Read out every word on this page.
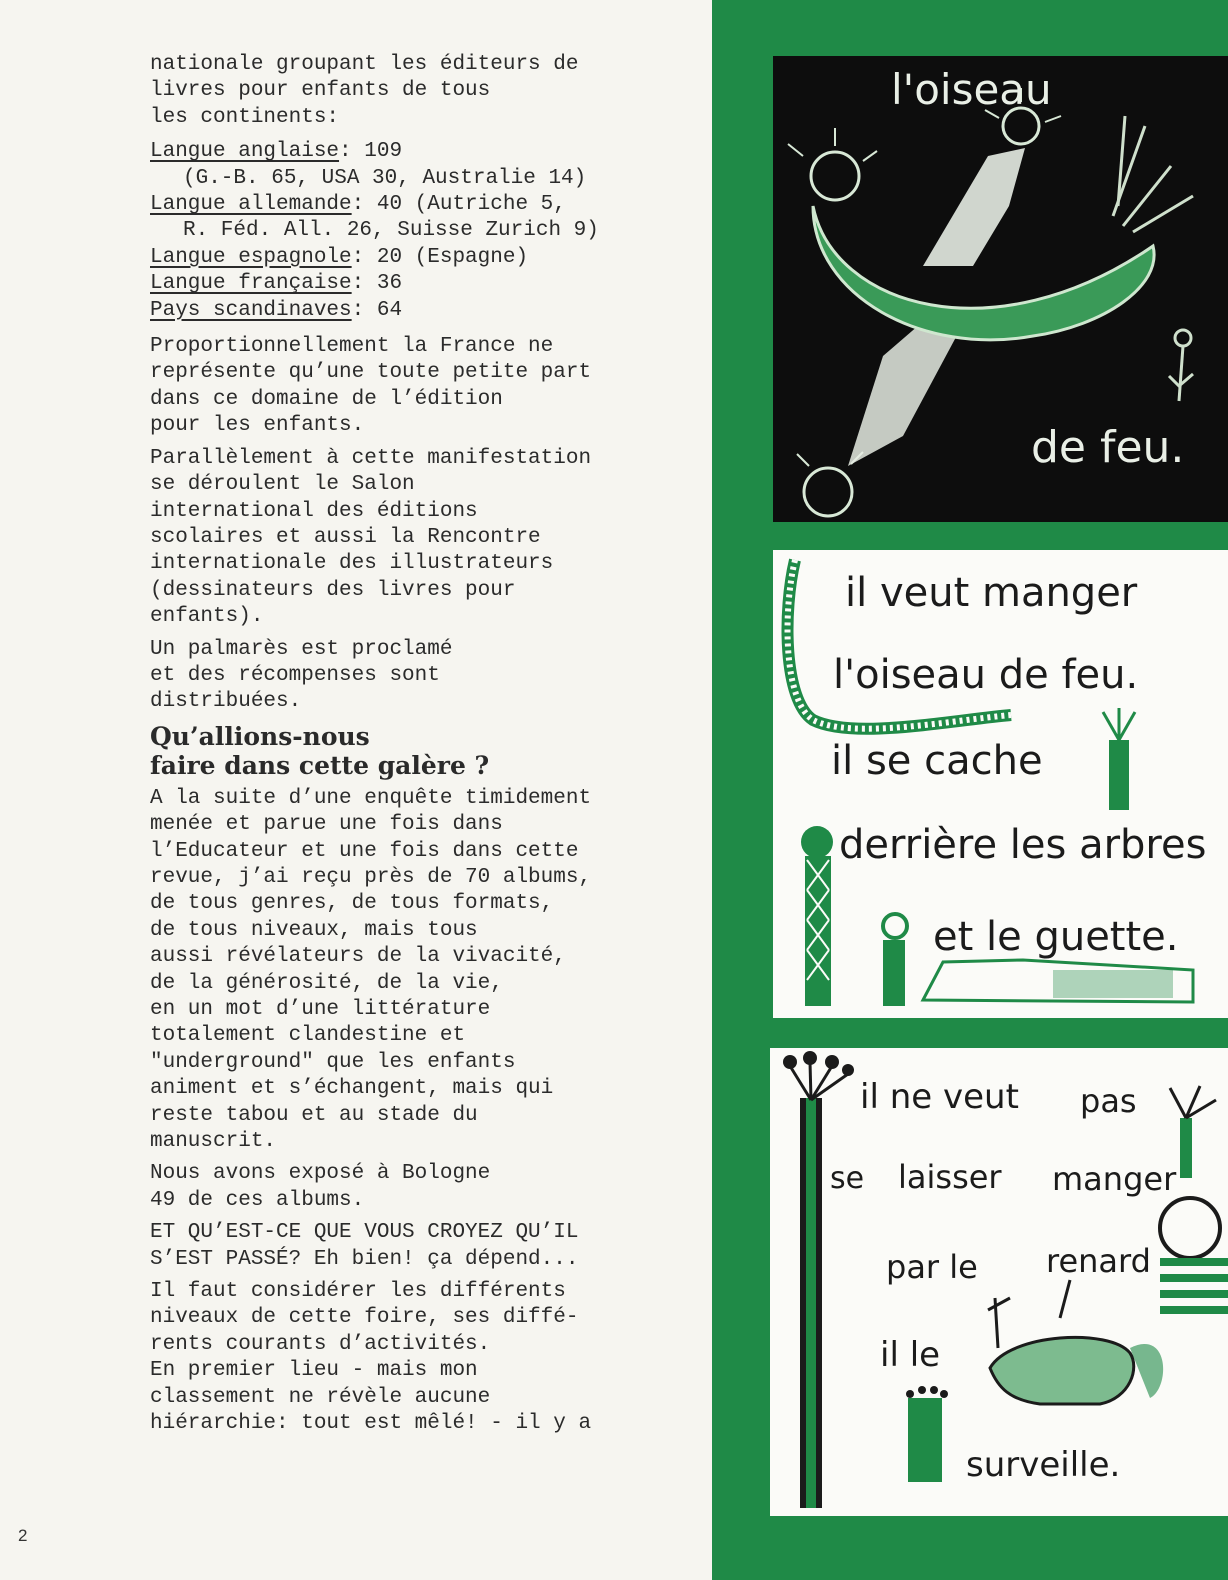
nationale groupant les éditeurs de
livres pour enfants de tous
les continents:

Langue anglaise: 109
(G.-B. 65, USA 30, Australie 14)
Langue allemande: 40 (Autriche 5,
R. Féd. All. 26, Suisse Zurich 9)
Langue espagnole: 20 (Espagne)
Langue française: 36
Pays scandinaves: 64

Proportionnellement la France ne
représente qu’une toute petite part
dans ce domaine de l’édition
pour les enfants.

Parallèlement à cette manifestation
se déroulent le Salon
international des éditions
scolaires et aussi la Rencontre
internationale des illustrateurs
(dessinateurs des livres pour
enfants).

Un palmarès est proclamé
et des récompenses sont
distribuées.

Qu’allions-nous
faire dans cette galère ?

A la suite d’une enquête timidement
menée et parue une fois dans
l’Educateur et une fois dans cette
revue, j’ai reçu près de 70 albums,
de tous genres, de tous formats,
de tous niveaux, mais tous
aussi révélateurs de la vivacité,
de la générosité, de la vie,
en un mot d’une littérature
totalement clandestine et
"underground" que les enfants
animent et s’échangent, mais qui
reste tabou et au stade du
manuscrit.

Nous avons exposé à Bologne
49 de ces albums.

ET QU’EST-CE QUE VOUS CROYEZ QU’IL
S’EST PASSÉ? Eh bien! ça dépend...

Il faut considérer les différents
niveaux de cette foire, ses diffé-
rents courants d’activités.
En premier lieu - mais mon
classement ne révèle aucune
hiérarchie: tout est mêlé! - il y a

2
l'oiseau
de feu.
il veut manger
l'oiseau de feu.
il se cache
derrière les arbres
et le guette.
il ne veut pas
se laisser manger
par le renard
il le
surveille.
